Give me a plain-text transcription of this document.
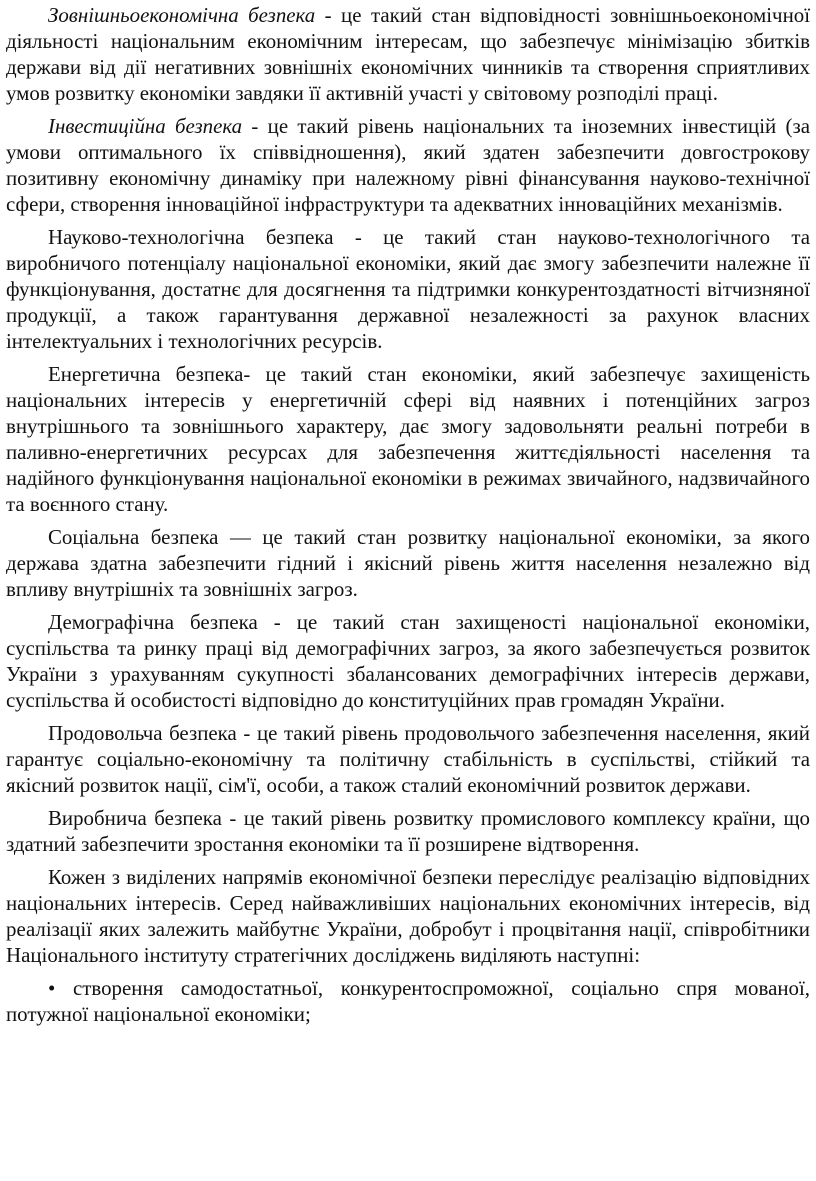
Зовнішньоекономічна безпека - це такий стан відповідності зовнішньоекономічної діяльності національним економічним інтересам, що забезпечує мінімізацію збитків держави від дії негативних зовнішніх економічних чинників та створення сприятливих умов розвитку економіки завдяки її активній участі у світовому розподілі праці.

Інвестиційна безпека - це такий рівень національних та іноземних інвестицій (за умови оптимального їх співвідношення), який здатен забезпечити довгострокову позитивну економічну динаміку при належному рівні фінансування науково-технічної сфери, створення інноваційної інфраструктури та адекватних інноваційних механізмів.

Науково-технологічна безпека - це такий стан науково-технологічного та виробничого потенціалу національної економіки, який дає змогу забезпечити належне її функціонування, достатнє для досягнення та підтримки конкурентоздатності вітчизняної продукції, а також гарантування державної незалежності за рахунок власних інтелектуальних і технологічних ресурсів.

Енергетична безпека- це такий стан економіки, який забезпечує захищеність національних інтересів у енергетичній сфері від наявних і потенційних загроз внутрішнього та зовнішнього характеру, дає змогу задовольняти реальні потреби в паливно-енергетичних ресурсах для забезпечення життєдіяльності населення та надійного функціонування національної економіки в режимах звичайного, надзвичайного та воєнного стану.

Соціальна безпека — це такий стан розвитку національної економіки, за якого держава здатна забезпечити гідний і якісний рівень життя населення незалежно від впливу внутрішніх та зовнішніх загроз.

Демографічна безпека - це такий стан захищеності національної економіки, суспільства та ринку праці від демографічних загроз, за якого забезпечується розвиток України з урахуванням сукупності збалансованих демографічних інтересів держави, суспільства й особистості відповідно до конституційних прав громадян України.

Продовольча безпека - це такий рівень продовольчого забезпечення населення, який гарантує соціально-економічну та політичну стабільність в суспільстві, стійкий та якісний розвиток нації, сім'ї, особи, а також сталий економічний розвиток держави.

Виробнича безпека - це такий рівень розвитку промислового комплексу країни, що здатний забезпечити зростання економіки та її розширене відтворення.

Кожен з виділених напрямів економічної безпеки переслідує реалізацію відповідних національних інтересів. Серед найважливіших національних економічних інтересів, від реалізації яких залежить майбутнє України, добробут і процвітання нації, співробітники Національного інституту стратегічних досліджень виділяють наступні:

• створення самодостатньої, конкурентоспроможної, соціально спря мованої, потужної національної економіки;
